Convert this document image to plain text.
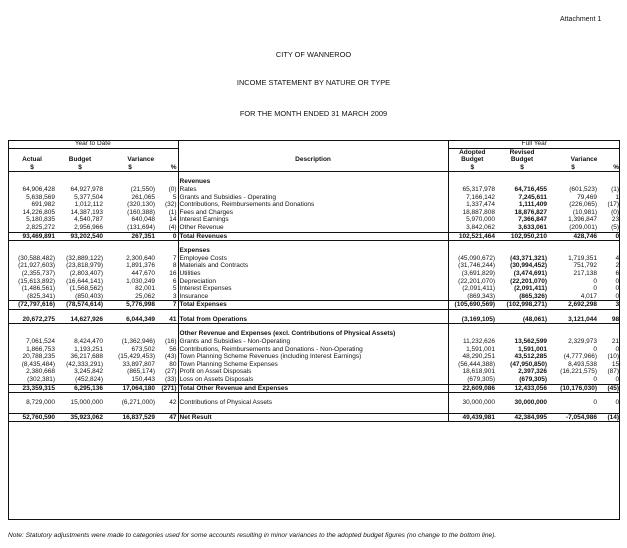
Attachment 1
CITY OF WANNEROO
INCOME STATEMENT BY NATURE OR TYPE
FOR THE MONTH ENDED 31 MARCH 2009
Year to Date					Full Year			
					Adopted	Revised		
Actual	Budget	Variance		Description	Budget	Budget	Variance	
$	$	$	%		$	$	$	%

				Revenues				
64,906,428	64,927,978	(21,550)	(0)	Rates	65,317,978	64,716,455	(601,523)	(1)
5,638,569	5,377,504	261,065	5	Grants and Subsidies - Operating	7,166,142	7,245,611	79,469	1
691,982	1,012,112	(320,130)	(32)	Contributions, Reimbursements and Donations	1,337,474	1,111,409	(226,065)	(17)
14,226,805	14,387,193	(160,388)	(1)	Fees and Charges	18,887,808	18,876,827	(10,981)	(0)
5,180,835	4,540,787	640,048	14	Interest Earnings	5,970,000	7,366,847	1,396,847	23
2,825,272	2,956,966	(131,694)	(4)	Other Revenue	3,842,062	3,633,061	(209,001)	(5)
93,469,891	93,202,540	267,351	0	Total Revenues	102,521,464	102,950,210	428,746	0

				Expenses				
(30,588,482)	(32,889,122)	2,300,640	7	Employee Costs	(45,090,672)	(43,371,321)	1,719,351	4
(21,927,603)	(23,818,979)	1,891,376	8	Materials and Contracts	(31,746,244)	(30,994,452)	751,792	2
(2,355,737)	(2,803,407)	447,670	16	Utilities	(3,691,829)	(3,474,691)	217,138	6
(15,613,892)	(16,644,141)	1,030,249	6	Depreciation	(22,201,070)	(22,201,070)	0	0
(1,486,561)	(1,568,562)	82,001	5	Interest Expenses	(2,091,411)	(2,091,411)	0	0
(825,341)	(850,403)	25,062	3	Insurance	(869,343)	(865,326)	4,017	0
(72,797,616)	(78,574,614)	5,776,998	7	Total Expenses	(105,690,569)	(102,998,271)	2,692,298	3

20,672,275	14,627,926	6,044,349	41	Total from Operations	(3,169,105)	(48,061)	3,121,044	98

				Other Revenue and Expenses (excl. Contributions of Physical Assets)				
7,061,524	8,424,470	(1,362,946)	(16)	Grants and Subsidies - Non-Operating	11,232,626	13,562,599	2,329,973	21
1,866,753	1,193,251	673,502	56	Contributions, Reimbursements and Donations - Non-Operating	1,591,001	1,591,001	0	0
20,788,235	36,217,688	(15,429,453)	(43)	Town Planning Scheme Revenues (including Interest Earnings)	48,290,251	43,512,285	(4,777,966)	(10)
(8,435,484)	(42,333,291)	33,897,807	80	Town Planning Scheme Expenses	(56,444,388)	(47,950,850)	8,493,538	15
2,380,668	3,245,842	(865,174)	(27)	Profit on Asset Disposals	18,618,901	2,397,326	(16,221,575)	(87)
(302,381)	(452,824)	150,443	(33)	Loss on Assets Disposals	(679,305)	(679,305)	0	0
23,359,315	6,295,136	17,064,180	(271)	Total Other Revenue and Expenses	22,609,086	12,433,056	(10,176,030)	(45)

8,729,000	15,000,000	(6,271,000)	42	Contributions of Physical Assets	30,000,000	30,000,000	0	0

52,760,590	35,923,062	16,837,529	47	Net Result	49,439,981	42,384,995	-7,054,986	(14)
Note: Statutory adjustments were made to categories used for some accounts resulting in minor variances to the adopted budget figures (no change to the bottom line).
